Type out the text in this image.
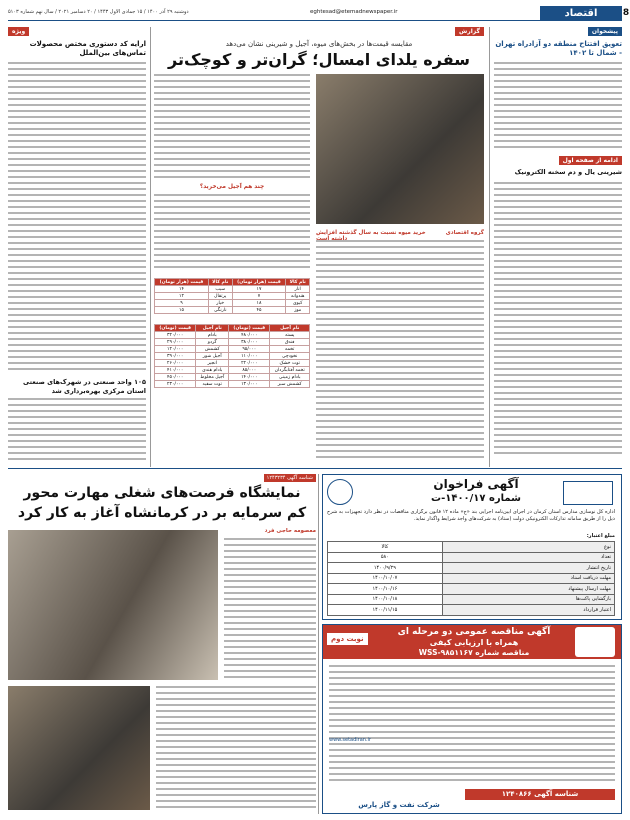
8
اقتصاد
eghtesad@etemadnewspaper.ir
دوشنبه ۲۹ آذر ۱۴۰۰ / ۱۵ جمادی الاول ۱۴۴۳ / ۲۰ دسامبر ۲۰۲۱ / سال نهم شماره ۵۱۰۳
پیشخوان
تعویق افتتاح منطقه دو آزادراه تهران - شمال تا ۱۴۰۲
ادامه از صفحه اول
شیرینی یال و دم سخنه الکترونیک
گزارش
مقایسه قیمت‌ها در بخش‌های میوه، آجیل و شیرینی نشان می‌دهد
سفره یلدای امسال؛ گران‌تر و کوچک‌تر
گروه اقتصادی
چند هم آجیل می‌خرید؟
نام کالا	قیمت (هزار تومان)	نام کالا	قیمت (هزار تومان)
انار	۱۷	سیب	۱۴
هندوانه	۷	پرتقال	۱۲
کیوی	۱۸	خیار	۹
موز	۴۵	نارنگی	۱۵
نام آجیل	قیمت (تومان)	نام آجیل	قیمت (تومان)
پسته	۴۸۰/۰۰۰	بادام	۳۲۰/۰۰۰
فندق	۳۸۰/۰۰۰	گردو	۲۹۰/۰۰۰
تخمه	۹۵/۰۰۰	کشمش	۱۲۰/۰۰۰
نخودچی	۱۱۰/۰۰۰	آجیل شور	۳۹۰/۰۰۰
توت خشک	۲۲۰/۰۰۰	انجیر	۲۶۰/۰۰۰
تخمه آفتابگردان	۸۵/۰۰۰	بادام هندی	۴۱۰/۰۰۰
بادام زمینی	۱۴۰/۰۰۰	آجیل مخلوط	۴۵۰/۰۰۰
کشمش سبز	۱۳۰/۰۰۰	توت سفید	۲۳۰/۰۰۰
خرید میوه نسبت به سال گذشته افزایش داشته است
ویژه
ارایه کد دستوری مختص محصولات تماس‌های بین‌الملل
۱۰۵ واحد صنعتی در شهرک‌های صنعتی استان مرکزی بهره‌برداری شد
شناسه آگهی ۱۲۴۳۲۳۴
نمایشگاه فرصت‌های شغلی مهارت محور
کم سرمایه بر در کرمانشاه آغاز به کار کرد
معصومه حاجی فرد
آگهی فراخوان
شماره ۱۴۰۰/۱۷-ت
اداره کل نوسازی مدارس استان کرمان در اجرای آیین‌نامه اجرایی بند «ج» ماده ۱۲ قانون برگزاری مناقصات در نظر دارد تجهیزات به شرح ذیل را از طریق سامانه تدارکات الکترونیکی دولت (ستاد) به شرکت‌های واجد شرایط واگذار نماید.
مبلغ اعتبار:
نوع	کالا
تعداد	۵۸۰
تاریخ انتشار	۱۴۰۰/۹/۲۹
مهلت دریافت اسناد	۱۴۰۰/۱۰/۰۷
مهلت ارسال پیشنهاد	۱۴۰۰/۱۰/۱۶
بازگشایی پاکت‌ها	۱۴۰۰/۱۰/۱۸
اعتبار قرارداد	۱۴۰۰/۱۱/۱۵
آگهی مناقصه عمومی دو مرحله ای
همراه با ارزیابی کیفی
مناقصه شماره ۹۸۵۱۱۶۷-WSS
نوبت دوم
www.setadiran.ir
شناسه آگهی ۱۲۴۰۸۶۶
شرکت نفت و گاز پارس
